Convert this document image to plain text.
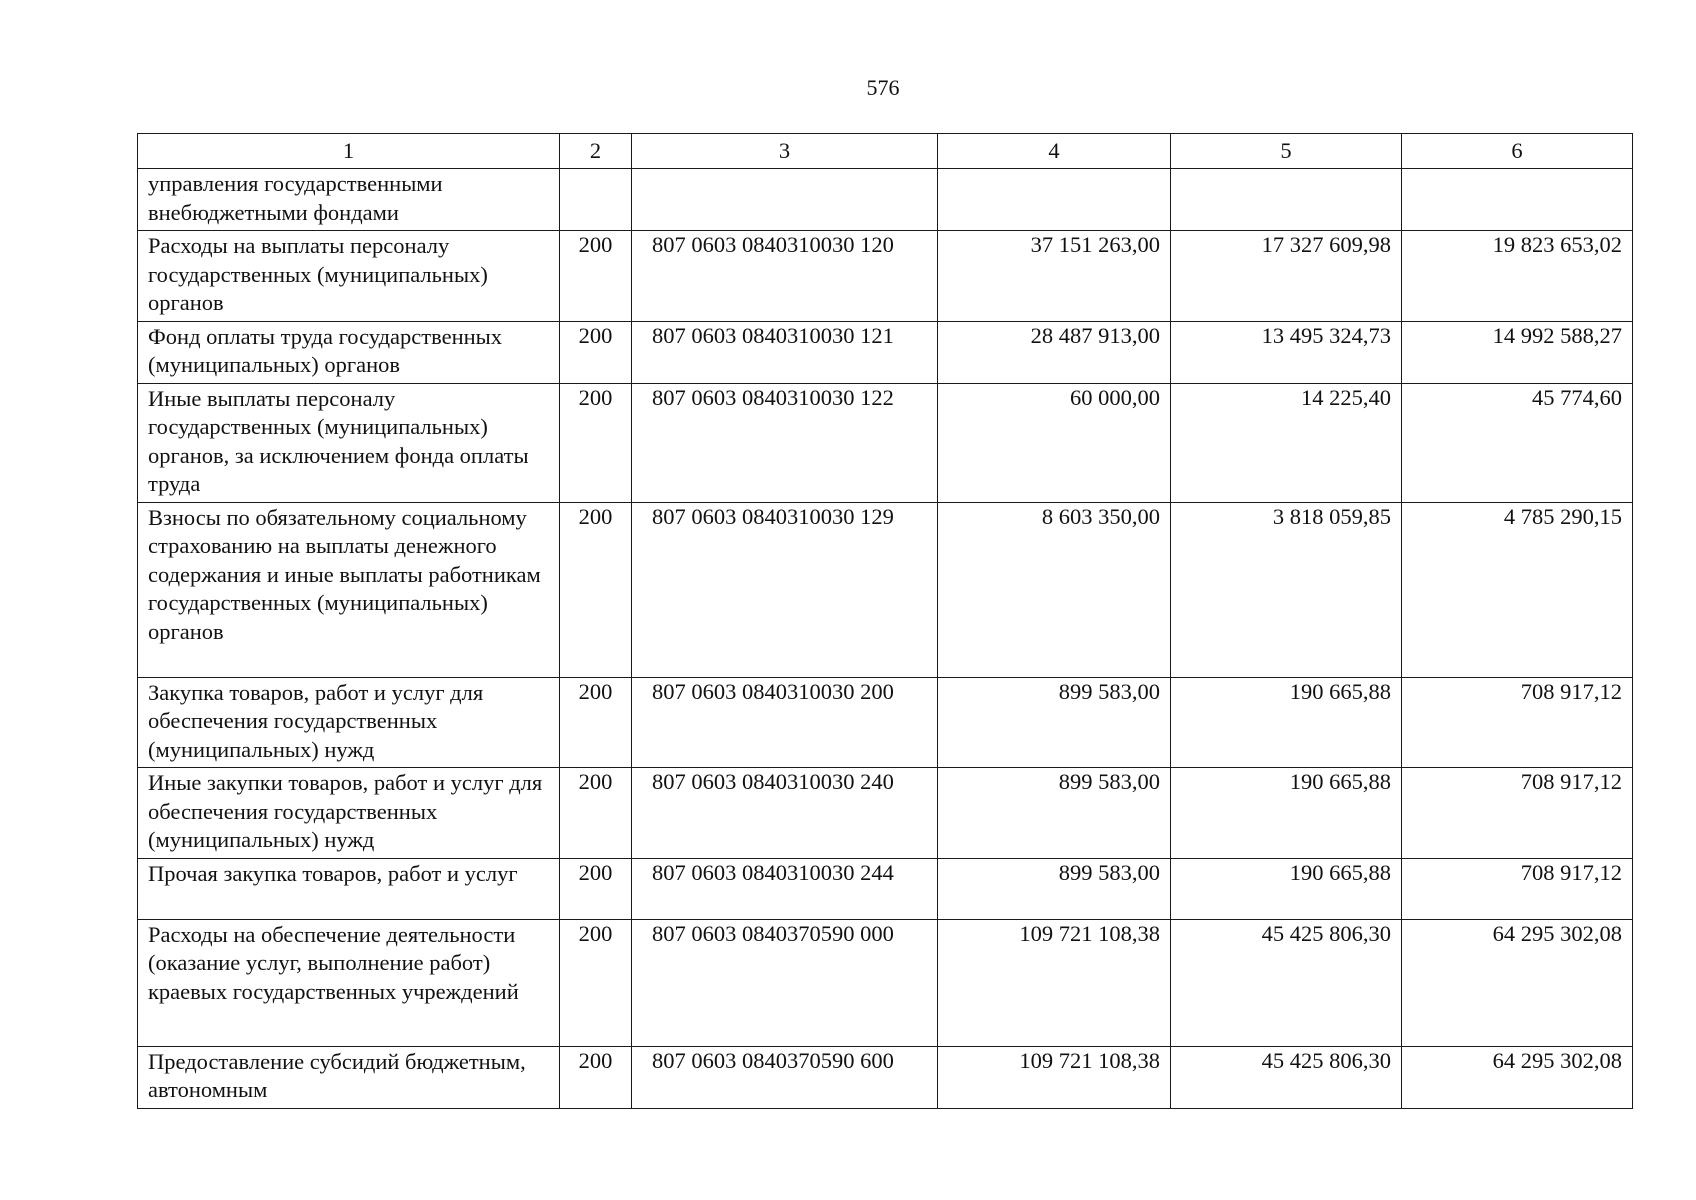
576
1	2	3	4	5	6
управления государственными внебюджетными фондами					
Расходы на выплаты персоналу государственных (муниципальных) органов	200	807 0603 0840310030 120	37 151 263,00	17 327 609,98	19 823 653,02
Фонд оплаты труда государственных (муниципальных) органов	200	807 0603 0840310030 121	28 487 913,00	13 495 324,73	14 992 588,27
Иные выплаты персоналу государственных (муниципальных) органов, за исключением фонда оплаты труда	200	807 0603 0840310030 122	60 000,00	14 225,40	45 774,60
Взносы по обязательному социальному страхованию на выплаты денежного содержания и иные выплаты работникам государственных (муниципальных) органов	200	807 0603 0840310030 129	8 603 350,00	3 818 059,85	4 785 290,15
Закупка товаров, работ и услуг для обеспечения государственных (муниципальных) нужд	200	807 0603 0840310030 200	899 583,00	190 665,88	708 917,12
Иные закупки товаров, работ и услуг для обеспечения государственных (муниципальных) нужд	200	807 0603 0840310030 240	899 583,00	190 665,88	708 917,12
Прочая закупка товаров, работ и услуг	200	807 0603 0840310030 244	899 583,00	190 665,88	708 917,12
Расходы на обеспечение деятельности (оказание услуг, выполнение работ) краевых государственных учреждений	200	807 0603 0840370590 000	109 721 108,38	45 425 806,30	64 295 302,08
Предоставление субсидий бюджетным, автономным	200	807 0603 0840370590 600	109 721 108,38	45 425 806,30	64 295 302,08
